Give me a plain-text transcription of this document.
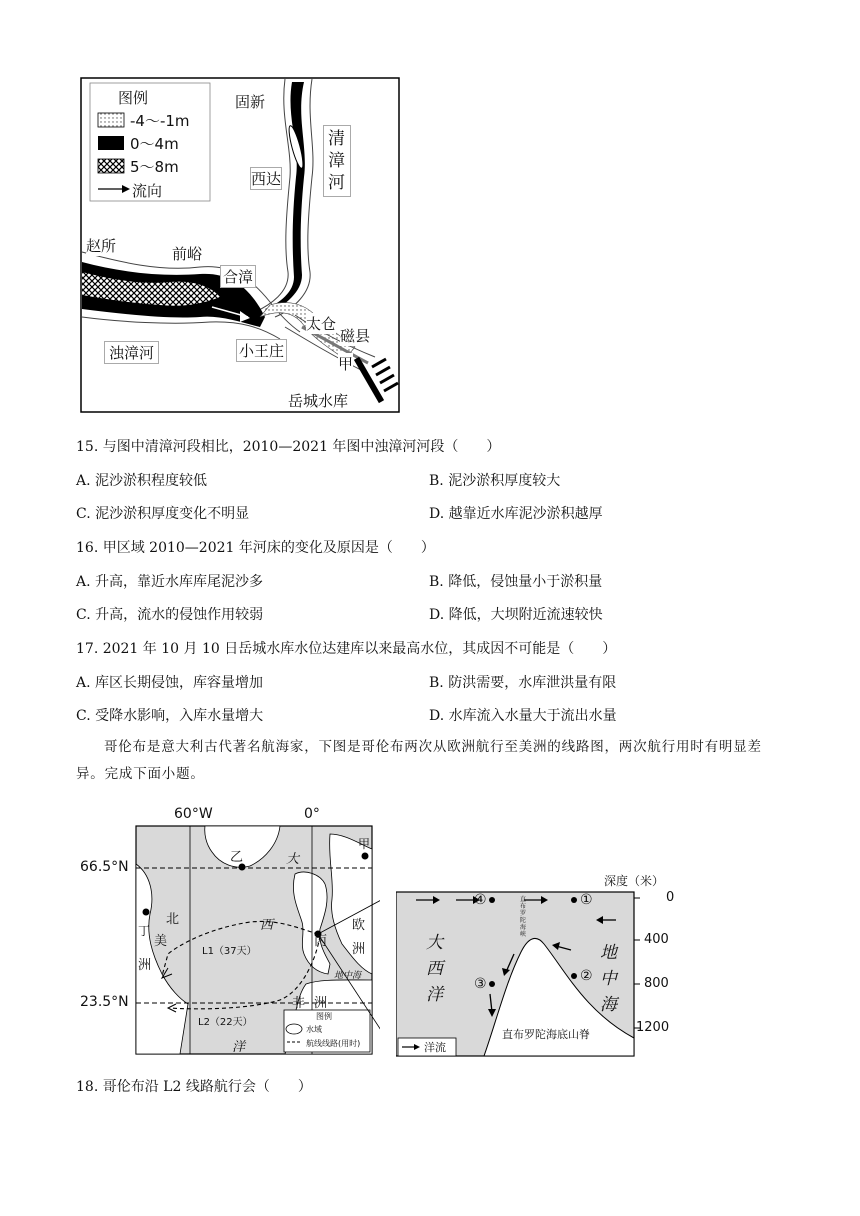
图例
-4～-1m
0～4m
5～8m
流向
固新
西达
清漳河
赵所	前峪
合漳
太仓
磁县
小王庄
甲
浊漳河
岳城水库
15. 与图中清漳河段相比，2010—2021 年图中浊漳河河段（　　）
A. 泥沙淤积程度较低	B. 泥沙淤积厚度较大
C. 泥沙淤积厚度变化不明显	D. 越靠近水库泥沙淤积越厚
16. 甲区域 2010—2021 年河床的变化及原因是（　　）
A. 升高，靠近水库库尾泥沙多	B. 降低，侵蚀量小于淤积量
C. 升高，流水的侵蚀作用较弱	D. 降低，大坝附近流速较快
17. 2021 年 10 月 10 日岳城水库水位达建库以来最高水位，其成因不可能是（　　）
A. 库区长期侵蚀，库容量增加	B. 防洪需要，水库泄洪量有限
C. 受降水影响，入库水量增大	D. 水库流入水量大于流出水量
哥伦布是意大利古代著名航海家，下图是哥伦布两次从欧洲航行至美洲的线路图，两次航行用时有明显差异。完成下面小题。
60°W	0°
66.5°N
23.5°N
乙	大
甲
北
美
洲
丁	西
丙
欧
洲
L1（37天）
地中海
非 洲
L2（22天）
洋
图例
水域
航线线路(用时)
深度（米）
0
400
800
1200
大
西
洋
地
中
海
直布罗陀海峡
直布罗陀海底山脊
①
②
③
④
洋流
18. 哥伦布沿 L2 线路航行会（　　）
